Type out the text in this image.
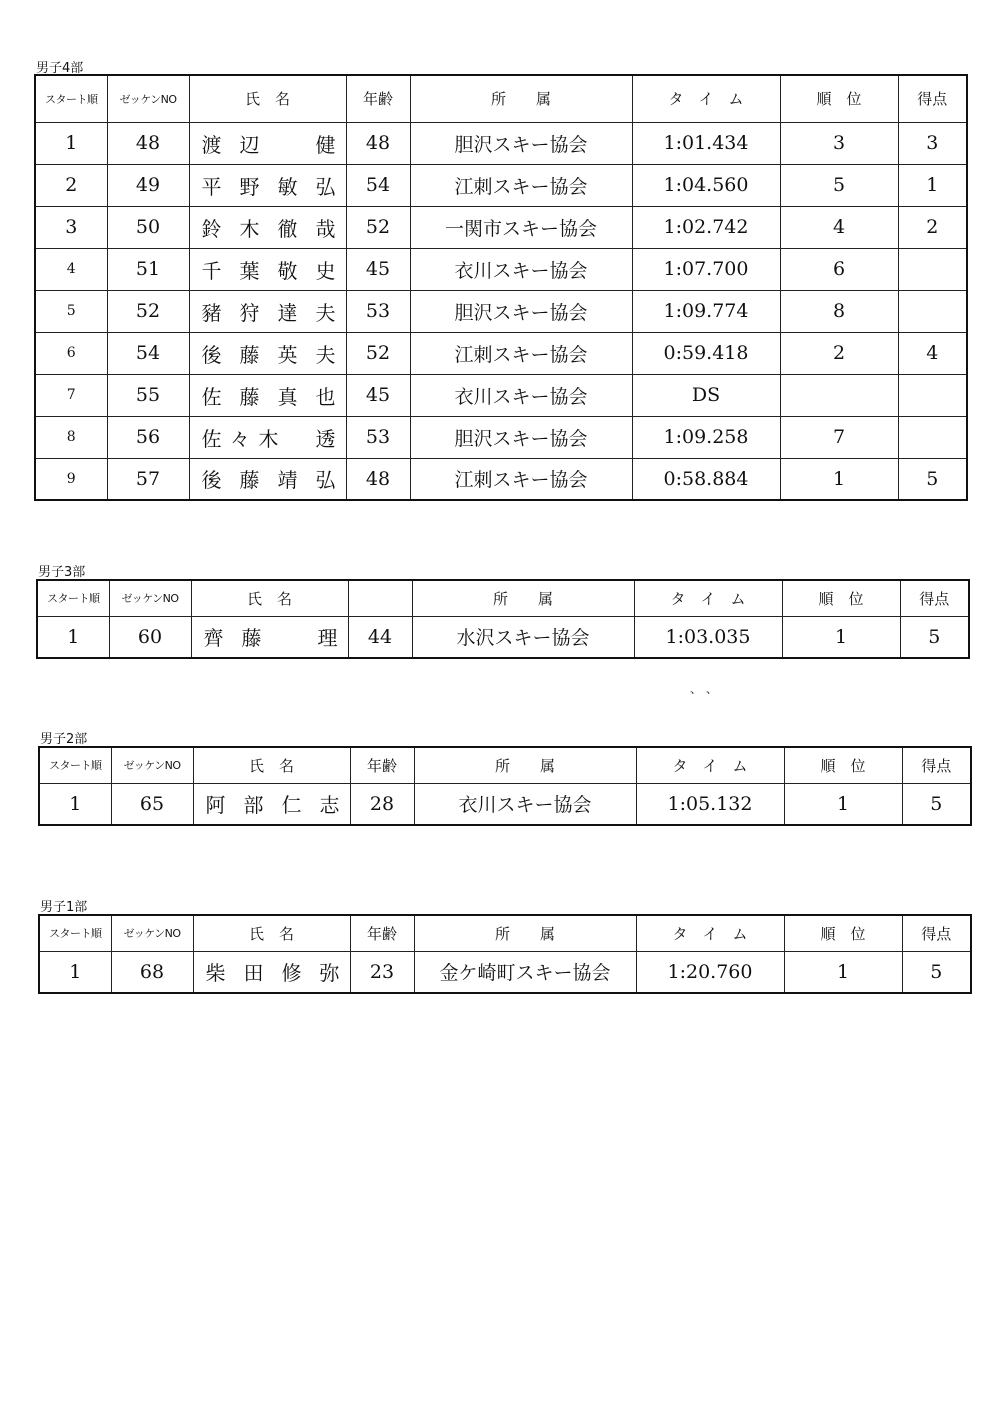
男子4部
スタート順	ゼッケンNO	氏　名	年齢	所　　属	タ　イ　ム	順　位	得点
1	48	渡辺　健	48	胆沢スキー協会	1:01.434	3	3
2	49	平野敏弘	54	江刺スキー協会	1:04.560	5	1
3	50	鈴木徹哉	52	一関市スキー協会	1:02.742	4	2
4	51	千葉敬史	45	衣川スキー協会	1:07.700	6	
5	52	豬狩達夫	53	胆沢スキー協会	1:09.774	8	
6	54	後藤英夫	52	江刺スキー協会	0:59.418	2	4
7	55	佐藤真也	45	衣川スキー協会	DS		
8	56	佐々木　透	53	胆沢スキー協会	1:09.258	7	
9	57	後藤靖弘	48	江刺スキー協会	0:58.884	1	5
男子3部
スタート順	ゼッケンNO	氏　名		所　　属	タ　イ　ム	順　位	得点
1	60	齊藤　理	44	水沢スキー協会	1:03.035	1	5
、 、
男子2部
スタート順	ゼッケンNO	氏　名	年齢	所　　属	タ　イ　ム	順　位	得点
1	65	阿部仁志	28	衣川スキー協会	1:05.132	1	5
男子1部
スタート順	ゼッケンNO	氏　名	年齢	所　　属	タ　イ　ム	順　位	得点
1	68	柴田修弥	23	金ケ崎町スキー協会	1:20.760	1	5
